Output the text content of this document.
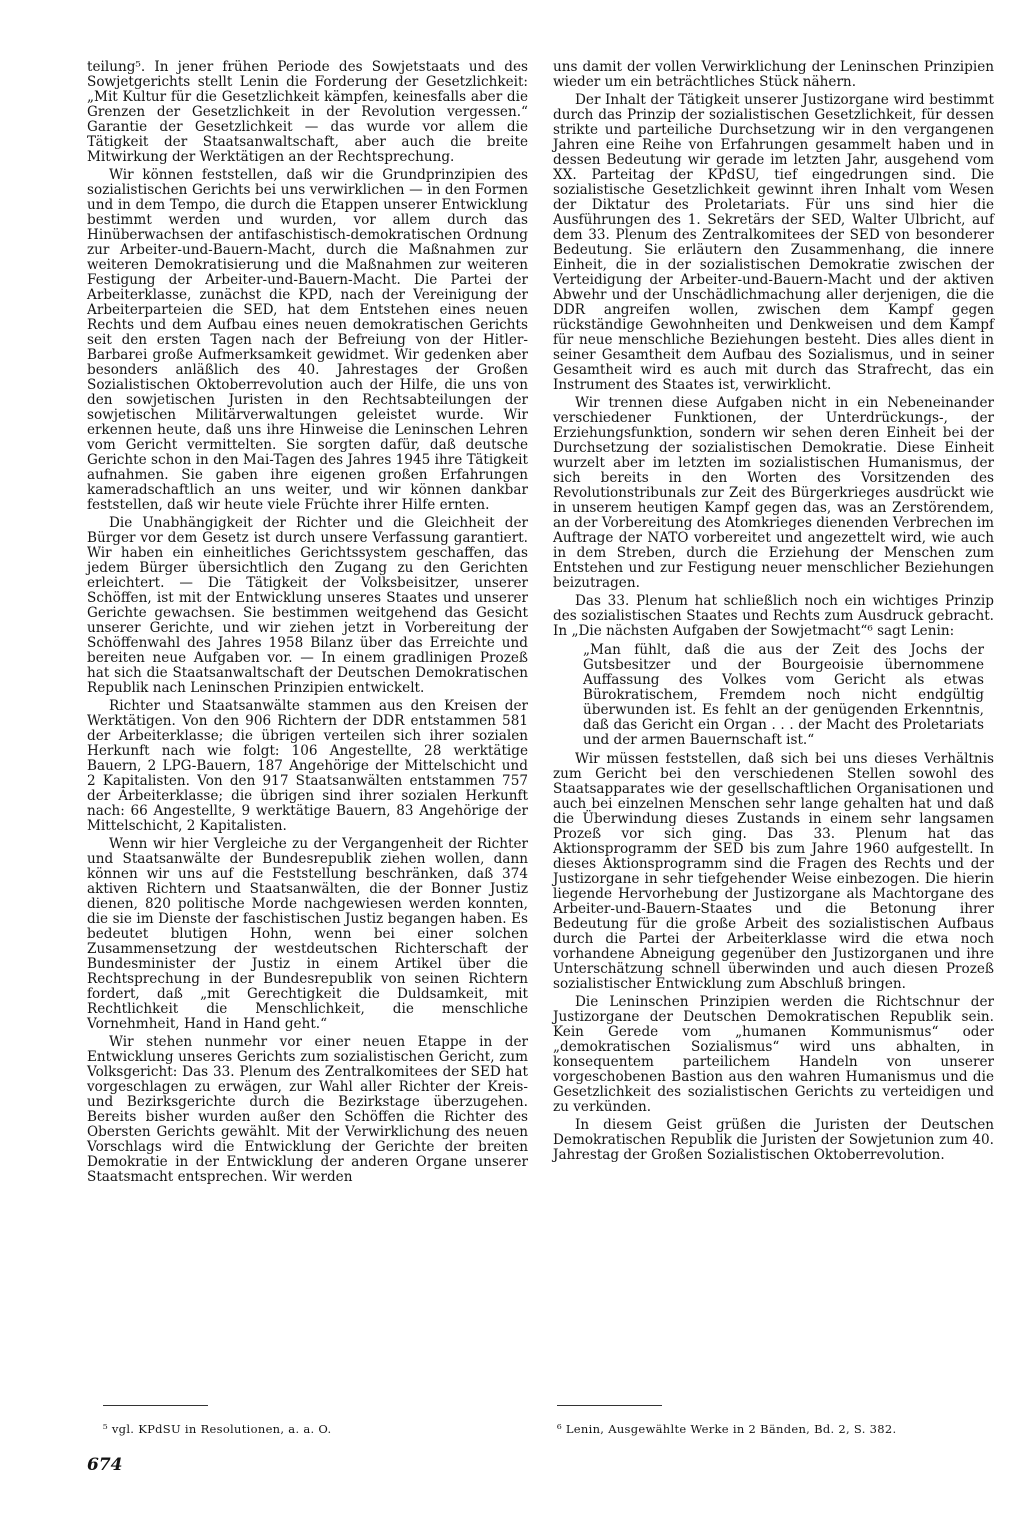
teilung⁵. In jener frühen Periode des Sowjetstaats und des Sowjetgerichts stellt Lenin die Forderung der Gesetzlichkeit: „Mit Kultur für die Gesetzlichkeit kämpfen, keinesfalls aber die Grenzen der Gesetzlichkeit in der Revolution vergessen.“ Garantie der Gesetzlichkeit — das wurde vor allem die Tätigkeit der Staatsanwaltschaft, aber auch die breite Mitwirkung der Werktätigen an der Rechtsprechung.

Wir können feststellen, daß wir die Grundprinzipien des sozialistischen Gerichts bei uns verwirklichen — in den Formen und in dem Tempo, die durch die Etappen unserer Entwicklung bestimmt werden und wurden, vor allem durch das Hinüberwachsen der antifaschistisch-demokratischen Ordnung zur Arbeiter-und-Bauern-Macht, durch die Maßnahmen zur weiteren Demokratisierung und die Maßnahmen zur weiteren Festigung der Arbeiter-und-Bauern-Macht. Die Partei der Arbeiterklasse, zunächst die KPD, nach der Vereinigung der Arbeiterparteien die SED, hat dem Entstehen eines neuen Rechts und dem Aufbau eines neuen demokratischen Gerichts seit den ersten Tagen nach der Befreiung von der Hitler-Barbarei große Aufmerksamkeit gewidmet. Wir gedenken aber besonders anläßlich des 40. Jahrestages der Großen Sozialistischen Oktoberrevolution auch der Hilfe, die uns von den sowjetischen Juristen in den Rechtsabteilungen der sowjetischen Militärverwaltungen geleistet wurde. Wir erkennen heute, daß uns ihre Hinweise die Leninschen Lehren vom Gericht vermittelten. Sie sorgten dafür, daß deutsche Gerichte schon in den Mai-Tagen des Jahres 1945 ihre Tätigkeit aufnahmen. Sie gaben ihre eigenen großen Erfahrungen kameradschaftlich an uns weiter, und wir können dankbar feststellen, daß wir heute viele Früchte ihrer Hilfe ernten.

Die Unabhängigkeit der Richter und die Gleichheit der Bürger vor dem Gesetz ist durch unsere Verfassung garantiert. Wir haben ein einheitliches Gerichtssystem geschaffen, das jedem Bürger übersichtlich den Zugang zu den Gerichten erleichtert. — Die Tätigkeit der Volksbeisitzer, unserer Schöffen, ist mit der Entwicklung unseres Staates und unserer Gerichte gewachsen. Sie bestimmen weitgehend das Gesicht unserer Gerichte, und wir ziehen jetzt in Vorbereitung der Schöffenwahl des Jahres 1958 Bilanz über das Erreichte und bereiten neue Aufgaben vor. — In einem gradlinigen Prozeß hat sich die Staatsanwaltschaft der Deutschen Demokratischen Republik nach Leninschen Prinzipien entwickelt.

Richter und Staatsanwälte stammen aus den Kreisen der Werktätigen. Von den 906 Richtern der DDR entstammen 581 der Arbeiterklasse; die übrigen verteilen sich ihrer sozialen Herkunft nach wie folgt: 106 Angestellte, 28 werktätige Bauern, 2 LPG-Bauern, 187 Angehörige der Mittelschicht und 2 Kapitalisten. Von den 917 Staatsanwälten entstammen 757 der Arbeiterklasse; die übrigen sind ihrer sozialen Herkunft nach: 66 Angestellte, 9 werktätige Bauern, 83 Angehörige der Mittelschicht, 2 Kapitalisten.

Wenn wir hier Vergleiche zu der Vergangenheit der Richter und Staatsanwälte der Bundesrepublik ziehen wollen, dann können wir uns auf die Feststellung beschränken, daß 374 aktiven Richtern und Staatsanwälten, die der Bonner Justiz dienen, 820 politische Morde nachgewiesen werden konnten, die sie im Dienste der faschistischen Justiz begangen haben. Es bedeutet blutigen Hohn, wenn bei einer solchen Zusammensetzung der westdeutschen Richterschaft der Bundesminister der Justiz in einem Artikel über die Rechtsprechung in der Bundesrepublik von seinen Richtern fordert, daß „mit Gerechtigkeit die Duldsamkeit, mit Rechtlichkeit die Menschlichkeit, die menschliche Vornehmheit, Hand in Hand geht.“

Wir stehen nunmehr vor einer neuen Etappe in der Entwicklung unseres Gerichts zum sozialistischen Gericht, zum Volksgericht: Das 33. Plenum des Zentralkomitees der SED hat vorgeschlagen zu erwägen, zur Wahl aller Richter der Kreis- und Bezirksgerichte durch die Bezirkstage überzugehen. Bereits bisher wurden außer den Schöffen die Richter des Obersten Gerichts gewählt. Mit der Verwirklichung des neuen Vorschlags wird die Entwicklung der Gerichte der breiten Demokratie in der Entwicklung der anderen Organe unserer Staatsmacht entsprechen. Wir werden

uns damit der vollen Verwirklichung der Leninschen Prinzipien wieder um ein beträchtliches Stück nähern.

Der Inhalt der Tätigkeit unserer Justizorgane wird bestimmt durch das Prinzip der sozialistischen Gesetzlichkeit, für dessen strikte und parteiliche Durchsetzung wir in den vergangenen Jahren eine Reihe von Erfahrungen gesammelt haben und in dessen Bedeutung wir gerade im letzten Jahr, ausgehend vom XX. Parteitag der KPdSU, tief eingedrungen sind. Die sozialistische Gesetzlichkeit gewinnt ihren Inhalt vom Wesen der Diktatur des Proletariats. Für uns sind hier die Ausführungen des 1. Sekretärs der SED, Walter Ulbricht, auf dem 33. Plenum des Zentralkomitees der SED von besonderer Bedeutung. Sie erläutern den Zusammenhang, die innere Einheit, die in der sozialistischen Demokratie zwischen der Verteidigung der Arbeiter-und-Bauern-Macht und der aktiven Abwehr und der Unschädlichmachung aller derjenigen, die die DDR angreifen wollen, zwischen dem Kampf gegen rückständige Gewohnheiten und Denkweisen und dem Kampf für neue menschliche Beziehungen besteht. Dies alles dient in seiner Gesamtheit dem Aufbau des Sozialismus, und in seiner Gesamtheit wird es auch mit durch das Strafrecht, das ein Instrument des Staates ist, verwirklicht.

Wir trennen diese Aufgaben nicht in ein Nebeneinander verschiedener Funktionen, der Unterdrückungs-, der Erziehungsfunktion, sondern wir sehen deren Einheit bei der Durchsetzung der sozialistischen Demokratie. Diese Einheit wurzelt aber im letzten im sozialistischen Humanismus, der sich bereits in den Worten des Vorsitzenden des Revolutionstribunals zur Zeit des Bürgerkrieges ausdrückt wie in unserem heutigen Kampf gegen das, was an Zerstörendem, an der Vorbereitung des Atomkrieges dienenden Verbrechen im Auftrage der NATO vorbereitet und angezettelt wird, wie auch in dem Streben, durch die Erziehung der Menschen zum Entstehen und zur Festigung neuer menschlicher Beziehungen beizutragen.

Das 33. Plenum hat schließlich noch ein wichtiges Prinzip des sozialistischen Staates und Rechts zum Ausdruck gebracht. In „Die nächsten Aufgaben der Sowjetmacht“⁶ sagt Lenin:

„Man fühlt, daß die aus der Zeit des Jochs der Gutsbesitzer und der Bourgeoisie übernommene Auffassung des Volkes vom Gericht als etwas Bürokratischem, Fremdem noch nicht endgültig überwunden ist. Es fehlt an der genügenden Erkenntnis, daß das Gericht ein Organ . . . der Macht des Proletariats und der armen Bauernschaft ist.“

Wir müssen feststellen, daß sich bei uns dieses Verhältnis zum Gericht bei den verschiedenen Stellen sowohl des Staatsapparates wie der gesellschaftlichen Organisationen und auch bei einzelnen Menschen sehr lange gehalten hat und daß die Überwindung dieses Zustands in einem sehr langsamen Prozeß vor sich ging. Das 33. Plenum hat das Aktionsprogramm der SED bis zum Jahre 1960 aufgestellt. In dieses Aktionsprogramm sind die Fragen des Rechts und der Justizorgane in sehr tiefgehender Weise einbezogen. Die hierin liegende Hervorhebung der Justizorgane als Machtorgane des Arbeiter-und-Bauern-Staates und die Betonung ihrer Bedeutung für die große Arbeit des sozialistischen Aufbaus durch die Partei der Arbeiterklasse wird die etwa noch vorhandene Abneigung gegenüber den Justizorganen und ihre Unterschätzung schnell überwinden und auch diesen Prozeß sozialistischer Entwicklung zum Abschluß bringen.

Die Leninschen Prinzipien werden die Richtschnur der Justizorgane der Deutschen Demokratischen Republik sein. Kein Gerede vom „humanen Kommunismus“ oder „demokratischen Sozialismus“ wird uns abhalten, in konsequentem parteilichem Handeln von unserer vorgeschobenen Bastion aus den wahren Humanismus und die Gesetzlichkeit des sozialistischen Gerichts zu verteidigen und zu verkünden.

In diesem Geist grüßen die Juristen der Deutschen Demokratischen Republik die Juristen der Sowjetunion zum 40. Jahrestag der Großen Sozialistischen Oktoberrevolution.

⁵ vgl. KPdSU in Resolutionen, a. a. O.	⁶ Lenin, Ausgewählte Werke in 2 Bänden, Bd. 2, S. 382.

674
